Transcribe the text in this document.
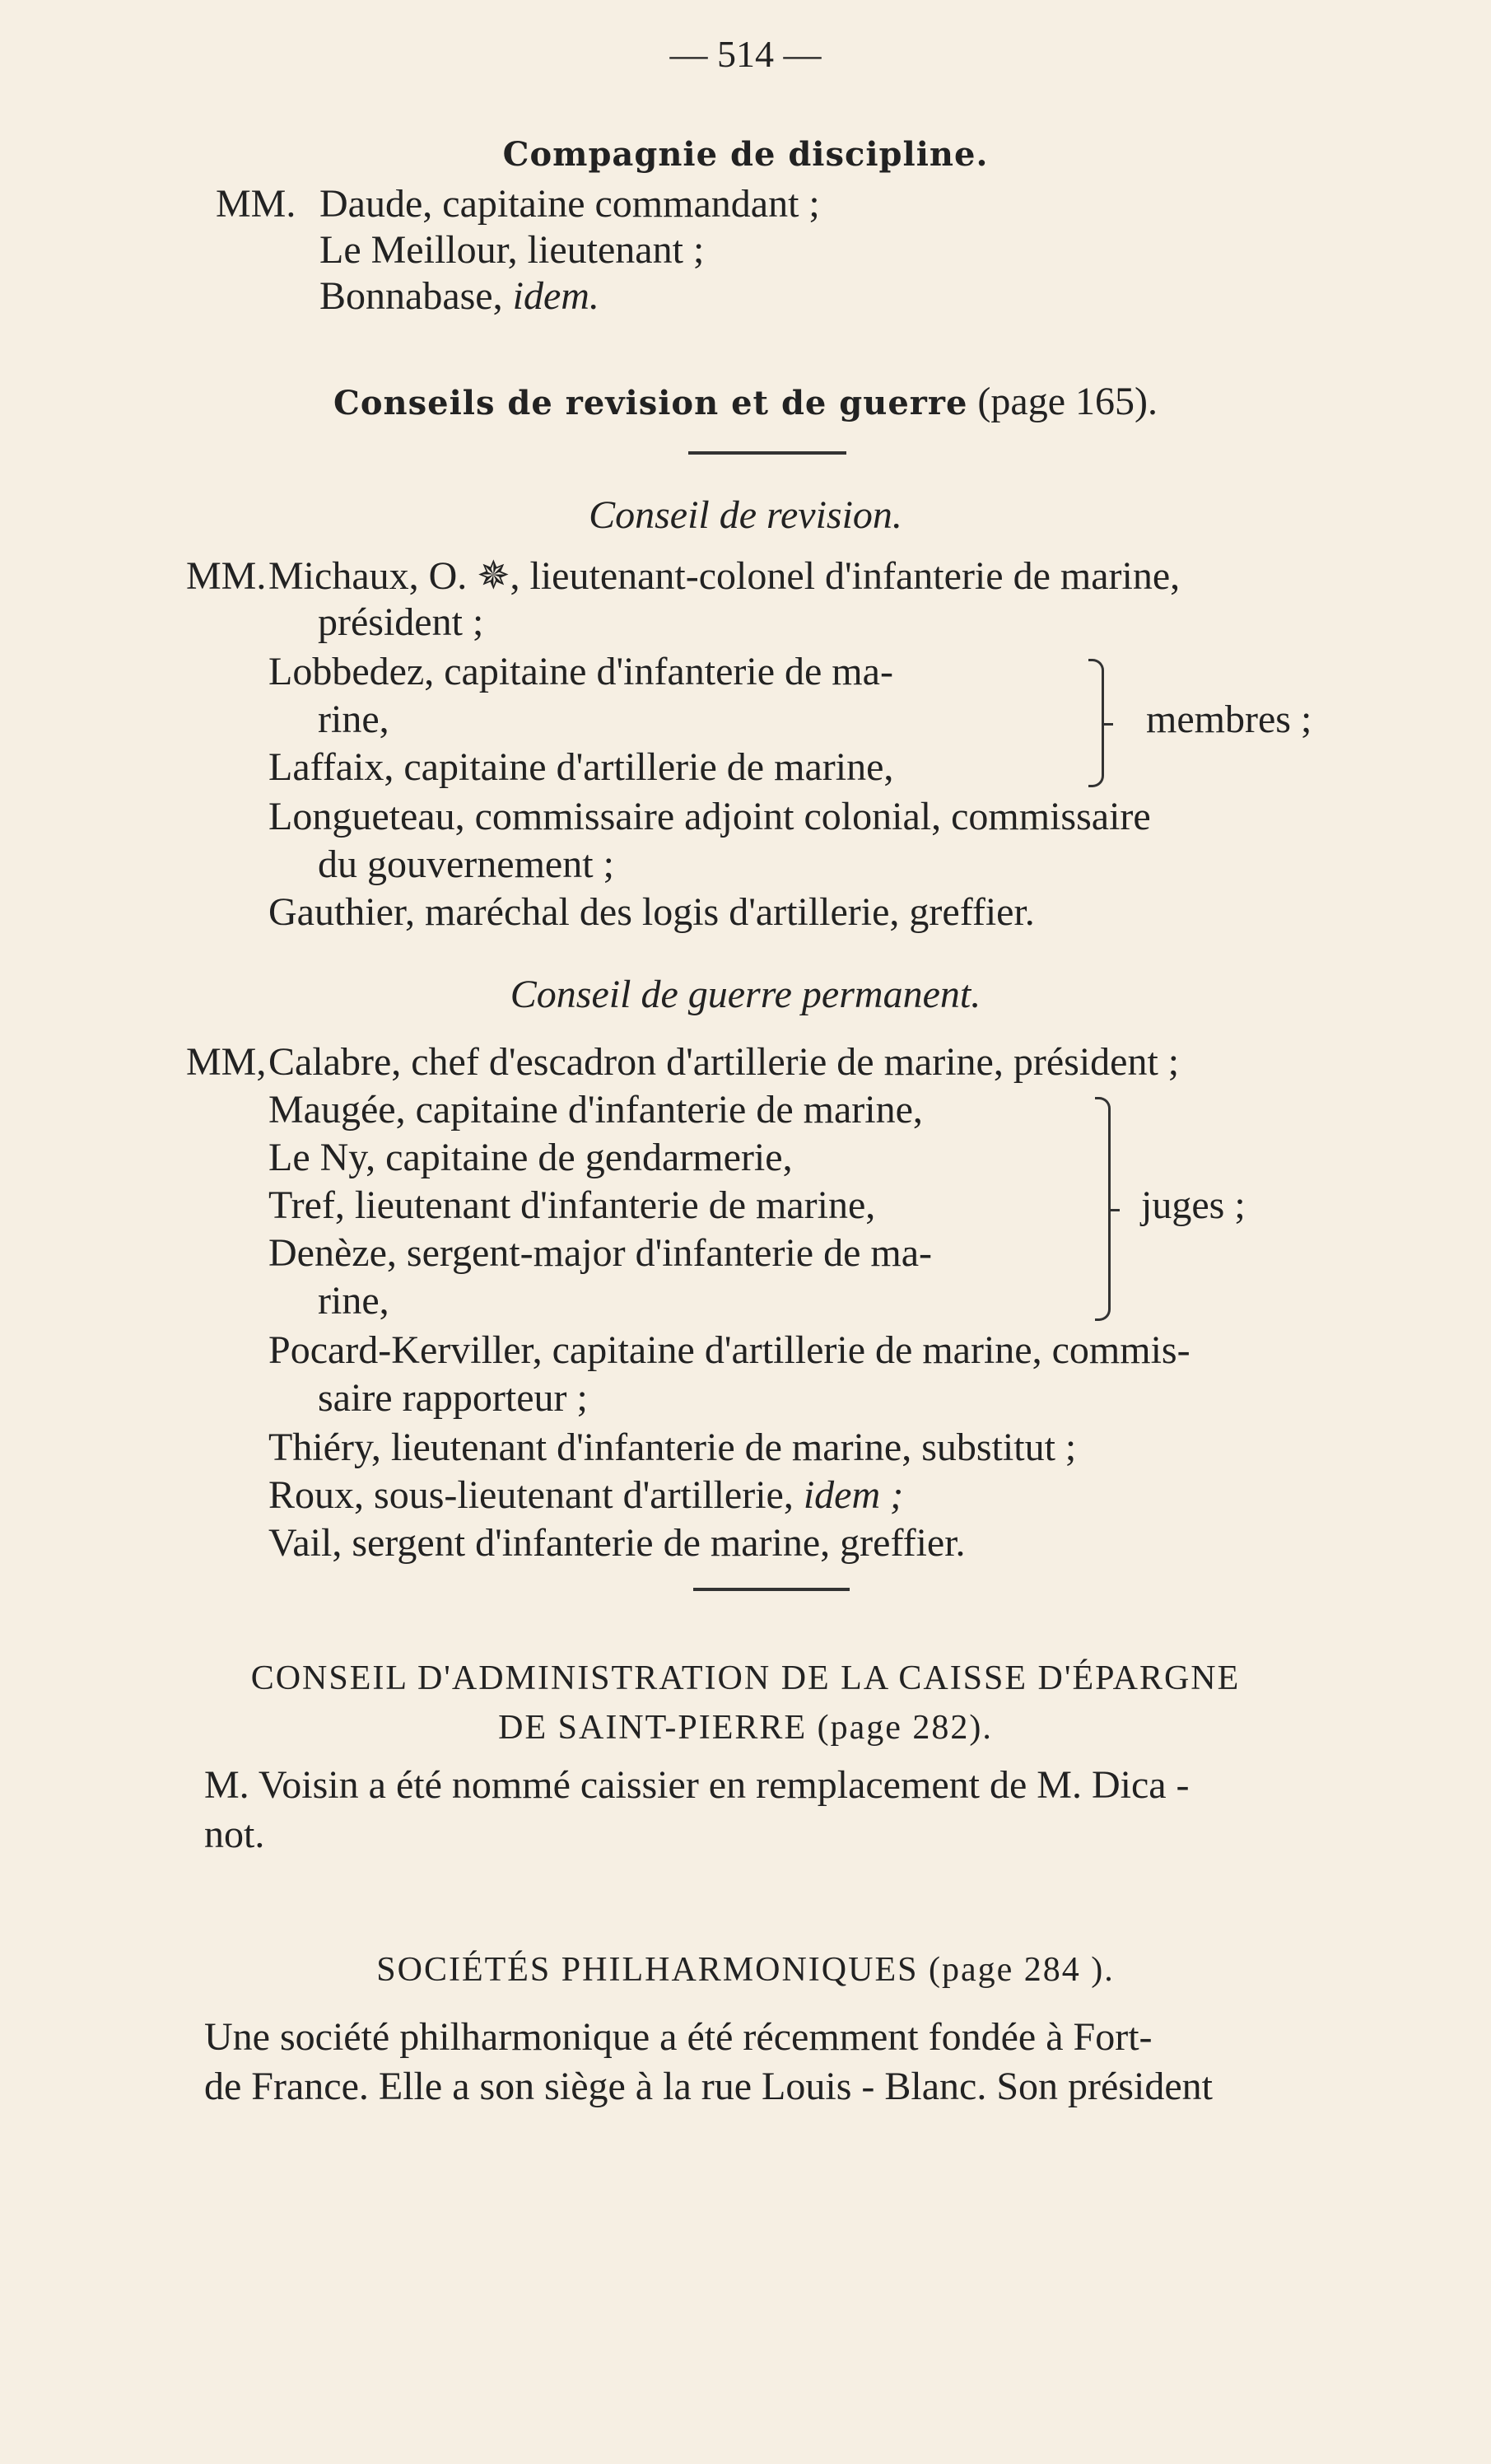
— 514 —
Compagnie de discipline.
MM. Daude, capitaine commandant ;
Le Meillour, lieutenant ;
Bonnabase, idem.
Conseils de revision et de guerre (page 165).
Conseil de revision.
MM. Michaux, O. ✵, lieutenant-colonel d'infanterie de marine,
président ;
Lobbedez, capitaine d'infanterie de ma-
rine,
Laffaix, capitaine d'artillerie de marine,
membres ;
Longueteau, commissaire adjoint colonial, commissaire
du gouvernement ;
Gauthier, maréchal des logis d'artillerie, greffier.
Conseil de guerre permanent.
MM, Calabre, chef d'escadron d'artillerie de marine, président ;
Maugée, capitaine d'infanterie de marine,
Le Ny, capitaine de gendarmerie,
Tref, lieutenant d'infanterie de marine,
Denèze, sergent-major d'infanterie de ma-
rine,
juges ;
Pocard-Kerviller, capitaine d'artillerie de marine, commis-
saire rapporteur ;
Thiéry, lieutenant d'infanterie de marine, substitut ;
Roux, sous-lieutenant d'artillerie, idem ;
Vail, sergent d'infanterie de marine, greffier.
CONSEIL D'ADMINISTRATION DE LA CAISSE D'ÉPARGNE
DE SAINT-PIERRE (page 282).
M. Voisin a été nommé caissier en remplacement de M. Dica -
not.
SOCIÉTÉS PHILHARMONIQUES (page 284 ).
Une société philharmonique a été récemment fondée à Fort-
de France. Elle a son siège à la rue Louis - Blanc. Son président
